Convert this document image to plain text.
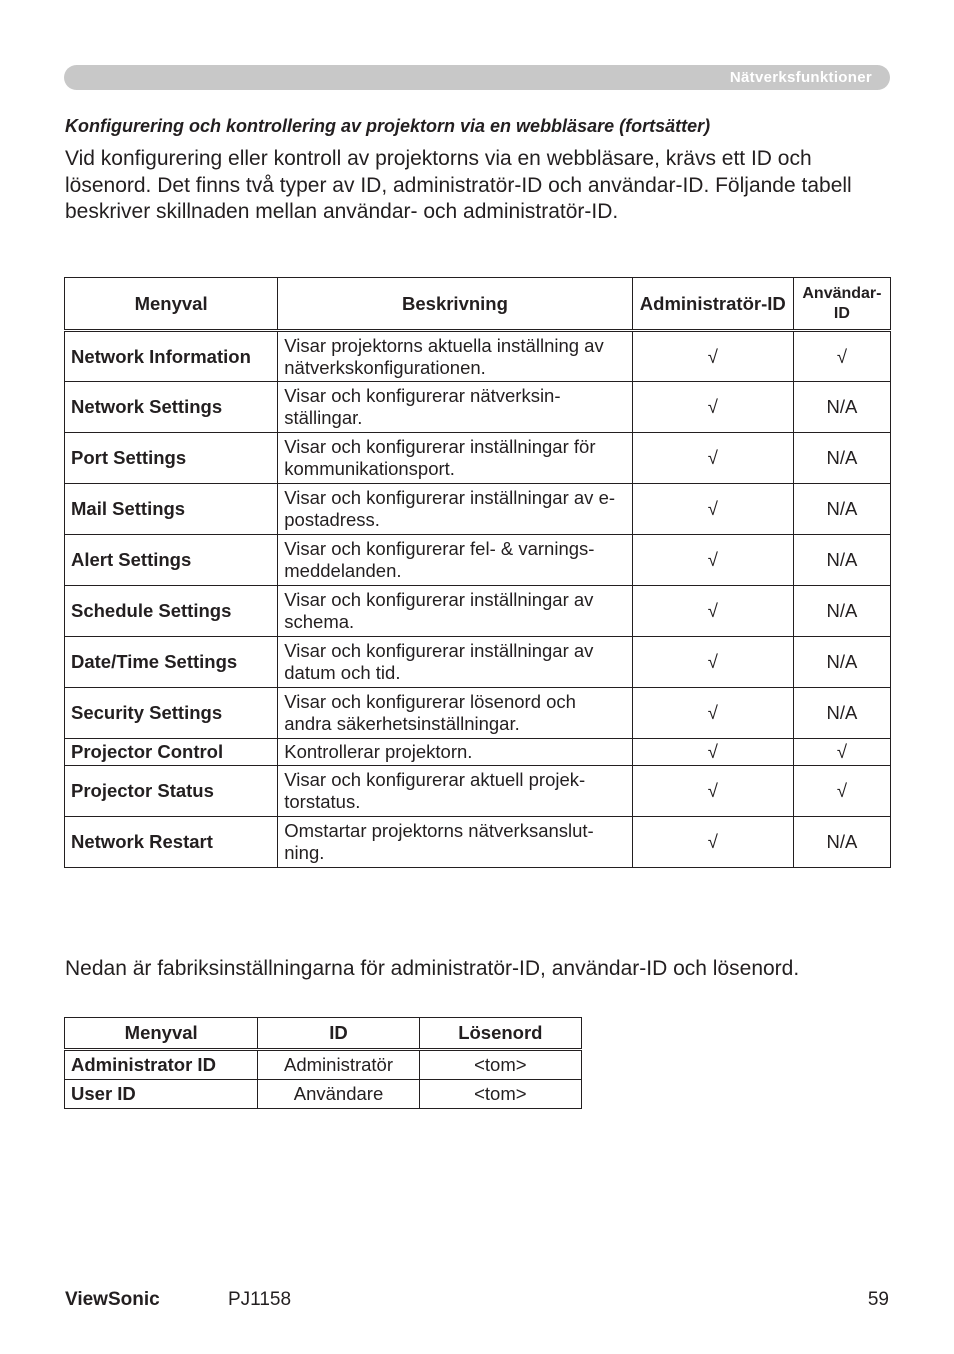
Nätverksfunktioner
Konfigurering och kontrollering av projektorn via en webbläsare (fortsätter)
Vid konfigurering eller kontroll av projektorns via en webbläsare, krävs ett ID och lösenord. Det finns två typer av ID, administratör-ID och användar-ID. Följande tabell beskriver skillnaden mellan användar- och administratör-ID.
Menyval	Beskrivning	Administratör-ID	Användar-ID
Network Information	Visar projektorns aktuella inställning av nätverkskonfigurationen.	√	√
Network Settings	Visar och konfigurerar nätverksin-ställingar.	√	N/A
Port Settings	Visar och konfigurerar inställningar för kommunikationsport.	√	N/A
Mail Settings	Visar och konfigurerar inställningar av e-postadress.	√	N/A
Alert Settings	Visar och konfigurerar fel- & varnings-meddelanden.	√	N/A
Schedule Settings	Visar och konfigurerar inställningar av schema.	√	N/A
Date/Time Settings	Visar och konfigurerar inställningar av datum och tid.	√	N/A
Security Settings	Visar och konfigurerar lösenord och andra säkerhetsinställningar.	√	N/A
Projector Control	Kontrollerar projektorn.	√	√
Projector Status	Visar och konfigurerar aktuell projek-torstatus.	√	√
Network Restart	Omstartar projektorns nätverksanslut-ning.	√	N/A
Nedan är fabriksinställningarna för administratör-ID, användar-ID och lösenord.
Menyval	ID	Lösenord
Administrator ID	Administratör	<tom>
User ID	Användare	<tom>
ViewSonic	PJ1158	59
